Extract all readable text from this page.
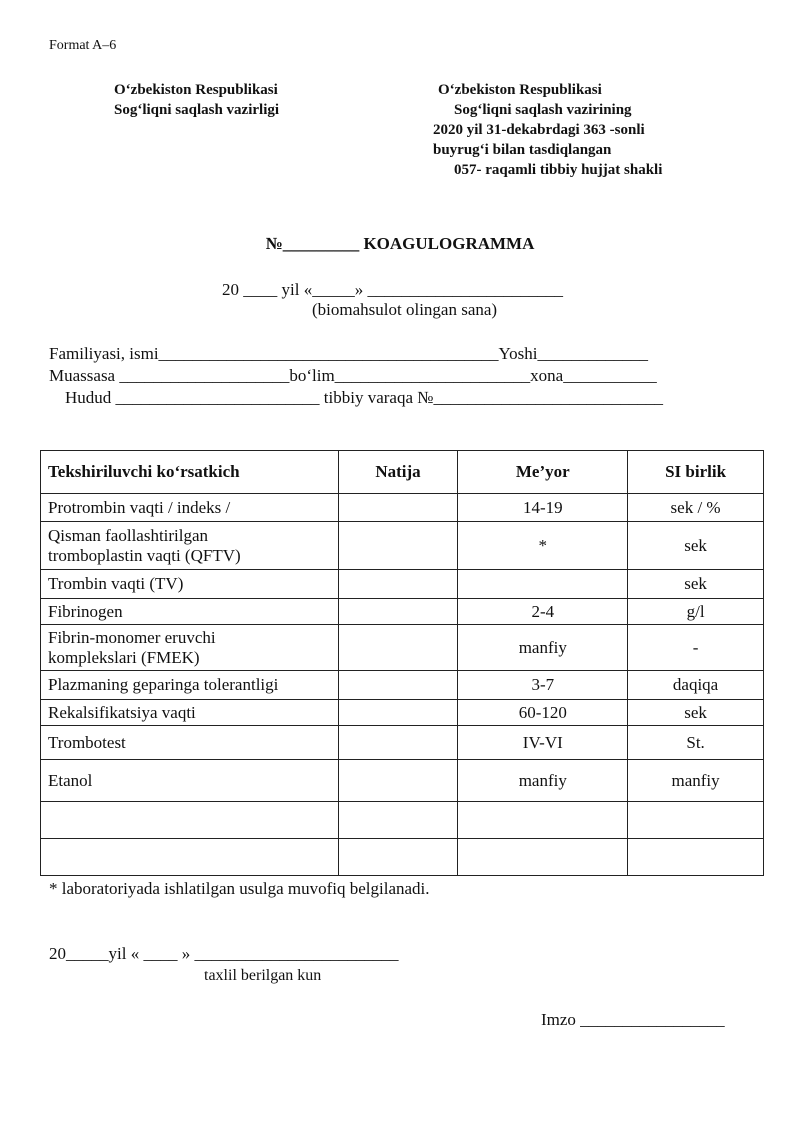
Format A–6
O‘zbekiston Respublikasi
Sog‘liqni saqlash vazirligi
O‘zbekiston Respublikasi
Sog‘liqni saqlash vazirining
2020 yil 31-dekabrdagi 363 -sonli
buyrug‘i bilan tasdiqlangan
057- raqamli tibbiy hujjat shakli
№_________ KOAGULOGRAMMA
20 ____ yil «_____» _______________________
(biomahsulot olingan sana)
Familiyasi, ismi________________________________________Yoshi_____________
Muassasa ____________________bo‘lim_______________________xona___________
Hudud ________________________ tibbiy varaqa №___________________________
Tekshiriluvchi ko‘rsatkich	Natija	Me’yor	SI birlik
Protrombin vaqti / indeks /		14-19	sek / %
Qisman faollashtirilgan
tromboplastin vaqti (QFTV)		*	sek
Trombin vaqti (TV)			sek
Fibrinogen		2-4	g/l
Fibrin-monomer eruvchi
komplekslari (FMEK)		manfiy	-
Plazmaning geparinga tolerantligi		3-7	daqiqa
Rekalsifikatsiya vaqti		60-120	sek
Trombotest		IV-VI	St.
Etanol		manfiy	manfiy

* laboratoriyada ishlatilgan usulga muvofiq belgilanadi.
20_____yil « ____ » ________________________
taxlil berilgan kun
Imzo _________________
